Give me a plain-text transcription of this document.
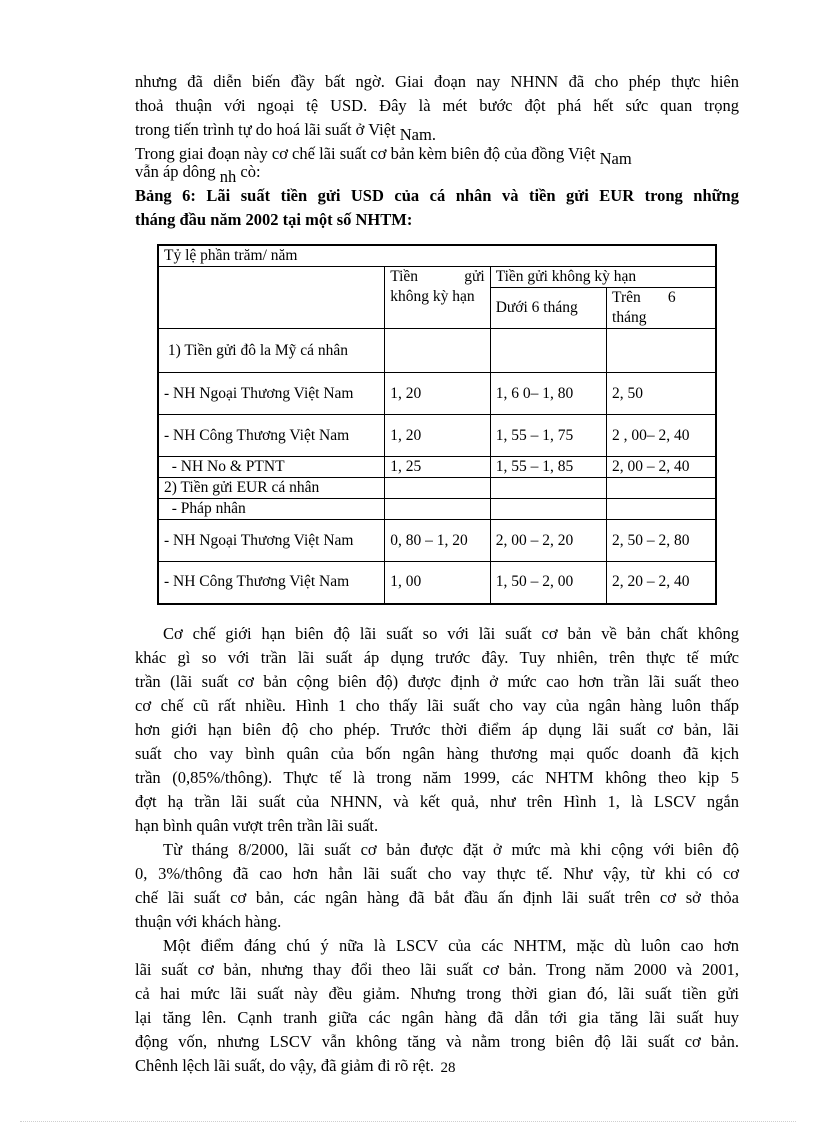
nhưng đã diễn biến đầy bất ngờ. Giai đoạn nay NHNN đã cho phép thực hiên
thoả thuận với ngoại tệ USD. Đây là mét bước đột phá hết sức quan trọng
trong tiến trình tự do hoá lãi suất ở Việt Nam.
Trong giai đoạn này cơ chế lãi suất cơ bản kèm biên độ của đồng Việt Nam
vẫn áp dông nh cò:
Bảng 6: Lãi suất tiền gửi USD của cá nhân và tiền gửi EUR trong những
tháng đầu năm 2002 tại một số NHTM:
Tỷ lệ phần trăm/ năm			
	Tiền gửi không kỳ hạn	Tiền gửi không kỳ hạn	
		Dưới 6 tháng	Trên       6 tháng
1) Tiền gửi đô la Mỹ cá nhân			
- NH Ngoại Thương Việt Nam	1, 20	1, 6 0– 1, 80	2, 50
- NH Công Thương Việt Nam	1, 20	1, 55 – 1, 75	2 , 00– 2, 40
- NH No & PTNT	1, 25	1, 55 – 1, 85	2, 00 – 2, 40
2) Tiền gửi EUR cá nhân			
- Pháp nhân			
- NH Ngoại Thương Việt Nam	0, 80 – 1, 20	2, 00 – 2, 20	2, 50 – 2, 80
- NH Công Thương Việt Nam	1, 00	1, 50 – 2, 00	2, 20 – 2, 40
Cơ chế giới hạn biên độ lãi suất so với lãi suất cơ bản về bản chất không
khác gì so với trần lãi suất áp dụng trước đây. Tuy nhiên, trên thực tế mức
trần (lãi suất cơ bản cộng biên độ) được định ở mức cao hơn trần lãi suất theo
cơ chế cũ rất nhiều. Hình 1 cho thấy lãi suất cho vay của ngân hàng luôn thấp
hơn giới hạn biên độ cho phép. Trước thời điểm áp dụng lãi suất cơ bản, lãi
suất cho vay bình quân của bốn ngân hàng thương mại quốc doanh đã kịch
trần (0,85%/thông). Thực tế là trong năm 1999, các NHTM không theo kịp 5
đợt hạ trần lãi suất của NHNN, và kết quả, như trên Hình 1, là LSCV ngắn
hạn bình quân vượt trên trần lãi suất.
Từ tháng 8/2000, lãi suất cơ bản được đặt ở mức mà khi cộng với biên độ
0, 3%/thông đã cao hơn hẳn lãi suất cho vay thực tế. Như vậy, từ khi có cơ
chế lãi suất cơ bản, các ngân hàng đã bắt đầu ấn định lãi suất trên cơ sở thỏa
thuận với khách hàng.
Một điểm đáng chú ý nữa là LSCV của các NHTM, mặc dù luôn cao hơn
lãi suất cơ bản, nhưng thay đổi theo lãi suất cơ bản. Trong năm 2000 và 2001,
cả hai mức lãi suất này đều giảm. Nhưng trong thời gian đó, lãi suất tiền gửi
lại tăng lên. Cạnh tranh giữa các ngân hàng đã dẫn tới gia tăng lãi suất huy
động vốn, nhưng LSCV vẫn không tăng và nằm trong biên độ lãi suất cơ bản.
Chênh lệch lãi suất, do vậy, đã giảm đi rõ rệt. 28
